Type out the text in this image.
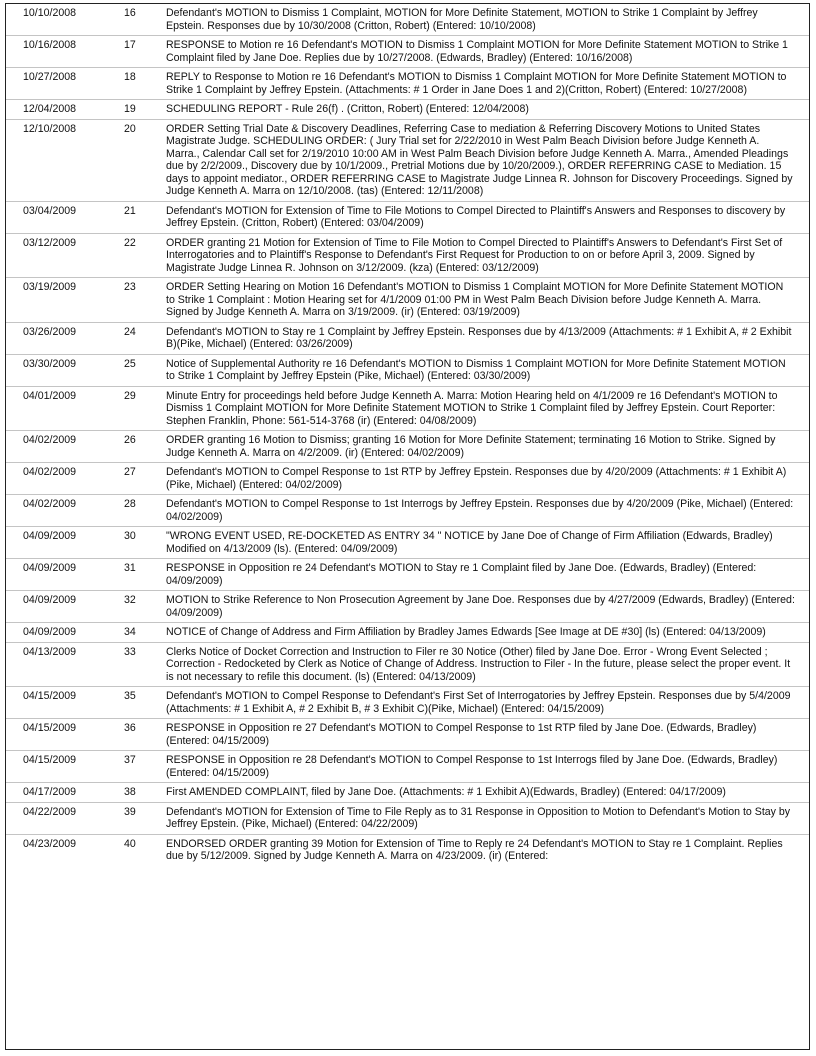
10/10/2008	16	Defendant's MOTION to Dismiss 1 Complaint, MOTION for More Definite Statement, MOTION to Strike 1 Complaint by Jeffrey Epstein. Responses due by 10/30/2008 (Critton, Robert) (Entered: 10/10/2008)
10/16/2008	17	RESPONSE to Motion re 16 Defendant's MOTION to Dismiss 1 Complaint MOTION for More Definite Statement MOTION to Strike 1 Complaint filed by Jane Doe. Replies due by 10/27/2008. (Edwards, Bradley) (Entered: 10/16/2008)
10/27/2008	18	REPLY to Response to Motion re 16 Defendant's MOTION to Dismiss 1 Complaint MOTION for More Definite Statement MOTION to Strike 1 Complaint by Jeffrey Epstein. (Attachments: # 1 Order in Jane Does 1 and 2)(Critton, Robert) (Entered: 10/27/2008)
12/04/2008	19	SCHEDULING REPORT - Rule 26(f) . (Critton, Robert) (Entered: 12/04/2008)
12/10/2008	20	ORDER Setting Trial Date & Discovery Deadlines, Referring Case to mediation & Referring Discovery Motions to United States Magistrate Judge. SCHEDULING ORDER: ( Jury Trial set for 2/22/2010 in West Palm Beach Division before Judge Kenneth A. Marra., Calendar Call set for 2/19/2010 10:00 AM in West Palm Beach Division before Judge Kenneth A. Marra., Amended Pleadings due by 2/2/2009., Discovery due by 10/1/2009., Pretrial Motions due by 10/20/2009.), ORDER REFERRING CASE to Mediation. 15 days to appoint mediator., ORDER REFERRING CASE to Magistrate Judge Linnea R. Johnson for Discovery Proceedings. Signed by Judge Kenneth A. Marra on 12/10/2008. (tas) (Entered: 12/11/2008)
03/04/2009	21	Defendant's MOTION for Extension of Time to File Motions to Compel Directed to Plaintiff's Answers and Responses to discovery by Jeffrey Epstein. (Critton, Robert) (Entered: 03/04/2009)
03/12/2009	22	ORDER granting 21 Motion for Extension of Time to File Motion to Compel Directed to Plaintiff's Answers to Defendant's First Set of Interrogatories and to Plaintiff's Response to Defendant's First Request for Production to on or before April 3, 2009. Signed by Magistrate Judge Linnea R. Johnson on 3/12/2009. (kza) (Entered: 03/12/2009)
03/19/2009	23	ORDER Setting Hearing on Motion 16 Defendant's MOTION to Dismiss 1 Complaint MOTION for More Definite Statement MOTION to Strike 1 Complaint : Motion Hearing set for 4/1/2009 01:00 PM in West Palm Beach Division before Judge Kenneth A. Marra. Signed by Judge Kenneth A. Marra on 3/19/2009. (ir) (Entered: 03/19/2009)
03/26/2009	24	Defendant's MOTION to Stay re 1 Complaint by Jeffrey Epstein. Responses due by 4/13/2009 (Attachments: # 1 Exhibit A, # 2 Exhibit B)(Pike, Michael) (Entered: 03/26/2009)
03/30/2009	25	Notice of Supplemental Authority re 16 Defendant's MOTION to Dismiss 1 Complaint MOTION for More Definite Statement MOTION to Strike 1 Complaint by Jeffrey Epstein (Pike, Michael) (Entered: 03/30/2009)
04/01/2009	29	Minute Entry for proceedings held before Judge Kenneth A. Marra: Motion Hearing held on 4/1/2009 re 16 Defendant's MOTION to Dismiss 1 Complaint MOTION for More Definite Statement MOTION to Strike 1 Complaint filed by Jeffrey Epstein. Court Reporter: Stephen Franklin, Phone: 561-514-3768 (ir) (Entered: 04/08/2009)
04/02/2009	26	ORDER granting 16 Motion to Dismiss; granting 16 Motion for More Definite Statement; terminating 16 Motion to Strike. Signed by Judge Kenneth A. Marra on 4/2/2009. (ir) (Entered: 04/02/2009)
04/02/2009	27	Defendant's MOTION to Compel Response to 1st RTP by Jeffrey Epstein. Responses due by 4/20/2009 (Attachments: # 1 Exhibit A)(Pike, Michael) (Entered: 04/02/2009)
04/02/2009	28	Defendant's MOTION to Compel Response to 1st Interrogs by Jeffrey Epstein. Responses due by 4/20/2009 (Pike, Michael) (Entered: 04/02/2009)
04/09/2009	30	"WRONG EVENT USED, RE-DOCKETED AS ENTRY 34 " NOTICE by Jane Doe of Change of Firm Affiliation (Edwards, Bradley) Modified on 4/13/2009 (ls). (Entered: 04/09/2009)
04/09/2009	31	RESPONSE in Opposition re 24 Defendant's MOTION to Stay re 1 Complaint filed by Jane Doe. (Edwards, Bradley) (Entered: 04/09/2009)
04/09/2009	32	MOTION to Strike Reference to Non Prosecution Agreement by Jane Doe. Responses due by 4/27/2009 (Edwards, Bradley) (Entered: 04/09/2009)
04/09/2009	34	NOTICE of Change of Address and Firm Affiliation by Bradley James Edwards [See Image at DE #30] (ls) (Entered: 04/13/2009)
04/13/2009	33	Clerks Notice of Docket Correction and Instruction to Filer re 30 Notice (Other) filed by Jane Doe. Error - Wrong Event Selected ; Correction - Redocketed by Clerk as Notice of Change of Address. Instruction to Filer - In the future, please select the proper event. It is not necessary to refile this document. (ls) (Entered: 04/13/2009)
04/15/2009	35	Defendant's MOTION to Compel Response to Defendant's First Set of Interrogatories by Jeffrey Epstein. Responses due by 5/4/2009 (Attachments: # 1 Exhibit A, # 2 Exhibit B, # 3 Exhibit C)(Pike, Michael) (Entered: 04/15/2009)
04/15/2009	36	RESPONSE in Opposition re 27 Defendant's MOTION to Compel Response to 1st RTP filed by Jane Doe. (Edwards, Bradley) (Entered: 04/15/2009)
04/15/2009	37	RESPONSE in Opposition re 28 Defendant's MOTION to Compel Response to 1st Interrogs filed by Jane Doe. (Edwards, Bradley) (Entered: 04/15/2009)
04/17/2009	38	First AMENDED COMPLAINT, filed by Jane Doe. (Attachments: # 1 Exhibit A)(Edwards, Bradley) (Entered: 04/17/2009)
04/22/2009	39	Defendant's MOTION for Extension of Time to File Reply as to 31 Response in Opposition to Motion to Defendant's Motion to Stay by Jeffrey Epstein. (Pike, Michael) (Entered: 04/22/2009)
04/23/2009	40	ENDORSED ORDER granting 39 Motion for Extension of Time to Reply re 24 Defendant's MOTION to Stay re 1 Complaint. Replies due by 5/12/2009. Signed by Judge Kenneth A. Marra on 4/23/2009. (ir) (Entered:
